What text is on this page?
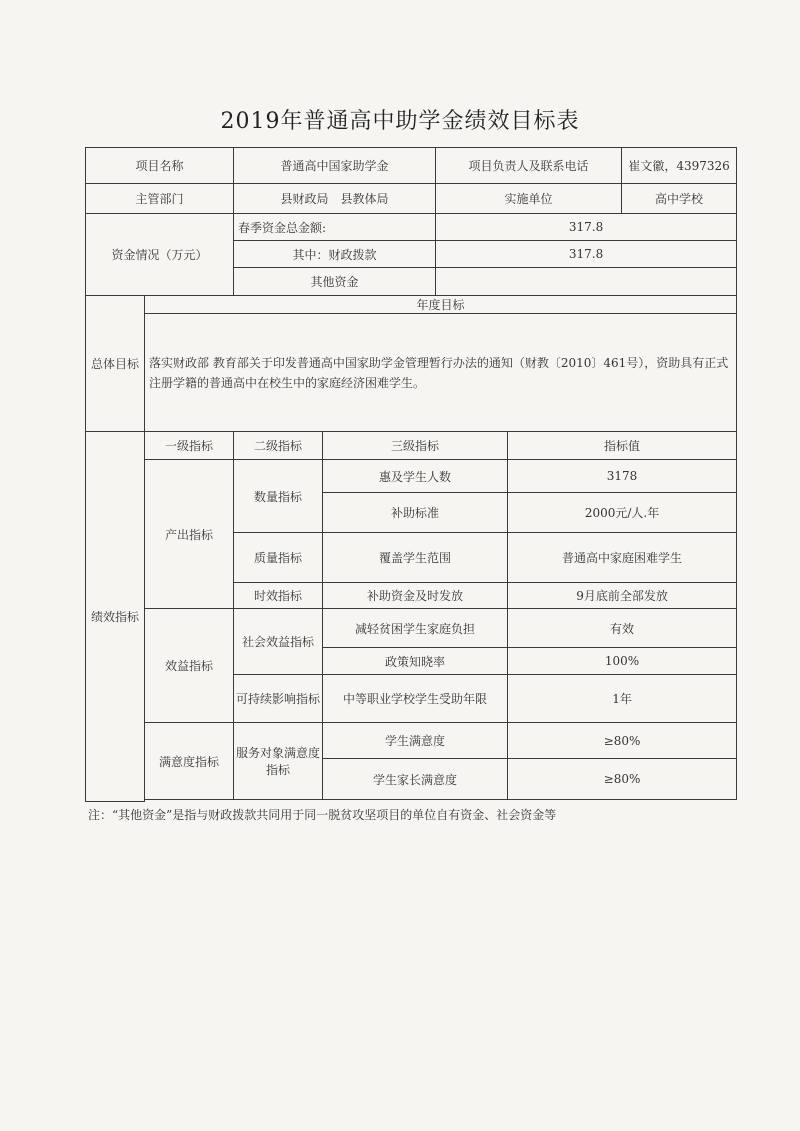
2019年普通高中助学金绩效目标表
项目名称		普通高中国家助学金		项目负责人及联系电话		崔文徽，4397326
主管部门		县财政局　县教体局		实施单位		高中学校
资金情况（万元）		春季资金总金额:		317.8		
		其中：财政拨款		317.8		
		其他资金				
总体目标	年度目标					
	落实财政部 教育部关于印发普通高中国家助学金管理暂行办法的通知（财教〔2010〕461号），资助具有正式注册学籍的普通高中在校生中的家庭经济困难学生。					
绩效指标	一级指标	二级指标	三级指标		指标值	
	产出指标	数量指标	惠及学生人数		3178	
			补助标准		2000元/人.年	
		质量指标	覆盖学生范围		普通高中家庭困难学生	
		时效指标	补助资金及时发放		9月底前全部发放	
	效益指标	社会效益指标	减轻贫困学生家庭负担		有效	
			政策知晓率		100%	
		可持续影响指标	中等职业学校学生受助年限		1年	
	满意度指标	服务对象满意度指标	学生满意度		≥80%	
			学生家长满意度		≥80%	

注：“其他资金”是指与财政拨款共同用于同一脱贫攻坚项目的单位自有资金、社会资金等
